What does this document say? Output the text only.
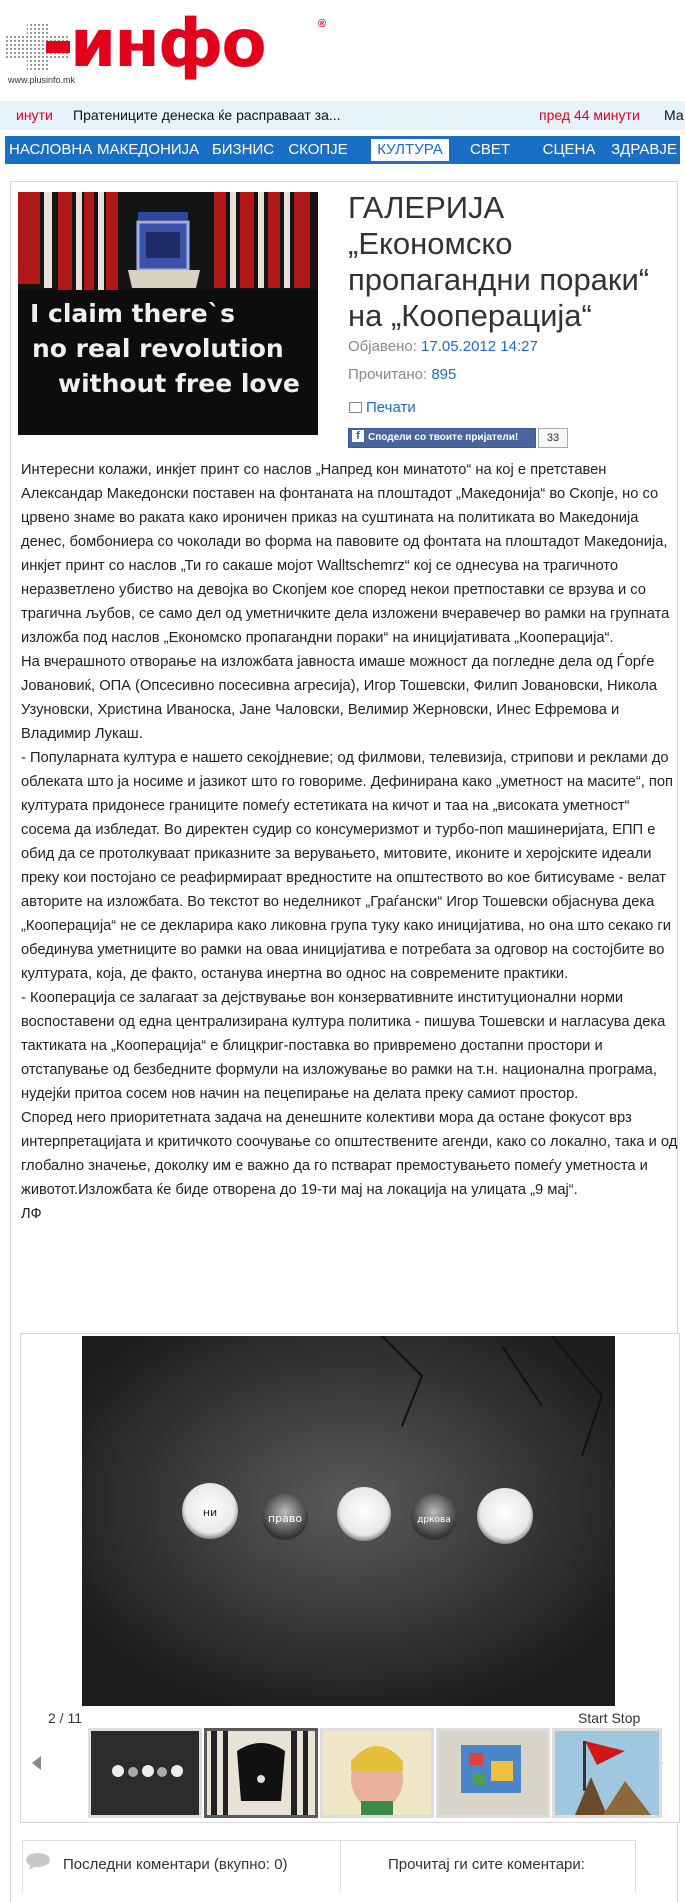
инфо	®
www.plusinfo.mk
инути Пратениците денеска ќе расправаат за...	пред 44 минути Ма
НАСЛОВНА МАКЕДОНИЈА БИЗНИС СКОПЈЕ	КУЛТУРА	СВЕТ	СЦЕНА ЗДРАВЈЕ
I claim there`s
no real revolution
without free love
ГАЛЕРИЈА „Економско пропагандни пораки“ на „Кооперација“
Објавено: 17.05.2012 14:27
Прочитано: 895
Печати
f Сподели со твоите пријатели!	33

Интересни колажи, инкјет принт со наслов „Напред кон минатото“ на кој е претставен Александар Македонски поставен на фонтаната на плоштадот „Македонија“ во Скопје, но со црвено знаме во раката како ироничен приказ на суштината на политиката во Македонија денес, бомбониера со чоколади во форма на павовите од фонтата на плоштадот Македонија, инкјет принт со наслов „Ти го сакаше мојот Walltschemrz“ кој се однесува на трагичното неразветлено убиство на девојка во Скопјем кое според некои претпоставки се врзува и со трагична љубов, се само дел од уметничките дела изложени вчеравечер во рамки на групната изложба под наслов „Економско пропагандни пораки“ на иницијативата „Кооперација“.

На вчерашното отворање на изложбата јавноста имаше можност да погледне дела од Ѓорѓе Јовановиќ, ОПА (Опсесивно посесивна агресија), Игор Тошевски, Филип Јовановски, Никола Узуновски, Христина Иваноска, Јане Чаловски, Велимир Жерновски, Инес Ефремова и Владимир Лукаш.

- Популарната култура е нашето секојдневие; од филмови, телевизија, стрипови и реклами до облеката што ја носиме и јазикот што го говориме. Дефинирана како „уметност на масите“, поп културата придонесе границите помеѓу естетиката на кичот и таа на „високата уметност“ сосема да избледат. Во директен судир со консумеризмот и турбо-поп машинеријата, ЕПП е обид да се протолкуваат приказните за верувањето, митовите, иконите и херојските идеали преку кои постојано се реафирмираат вредностите на општеството во кое битисуваме - велат авторите на изложбата. Во текстот во неделникот „Граѓански“ Игор Тошевски објаснува дека „Кооперација“ не се декларира како ликовна група туку како иницијатива, но она што секако ги обединува уметниците во рамки на оваа иницијатива е потребата за одговор на состојбите во културата, која, де факто, останува инертна во однос на современите практики.

- Кооперација се залагаат за дејствување вон конзервативните институционални норми воспоставени од една централизирана култура политика - пишува Тошевски и нагласува дека тактиката на „Кооперација“ е блицкриг-поставка во привремено достапни простори и отстапување од безбедните формули на изложување во рамки на т.н. национална програма, нудејќи притоа сосем нов начин на пецепирање на делата преку самиот простор.

Според него приоритетната задача на денешните колективи мора да остане фокусот врз интерпретацијата и критичкото соочување со општествените агенди, како со локално, така и од глобално значење, доколку им е важно да го пстварат премостувањето помеѓу уметноста и животот.Изложбата ќе биде отворена до 19-ти мај на локација на улицата „9 мај“.

ЛФ

ни	право	дркова
2 / 11	Start Stop
Последни коментари (вкупно: 0)	Прочитај ги сите коментари:
